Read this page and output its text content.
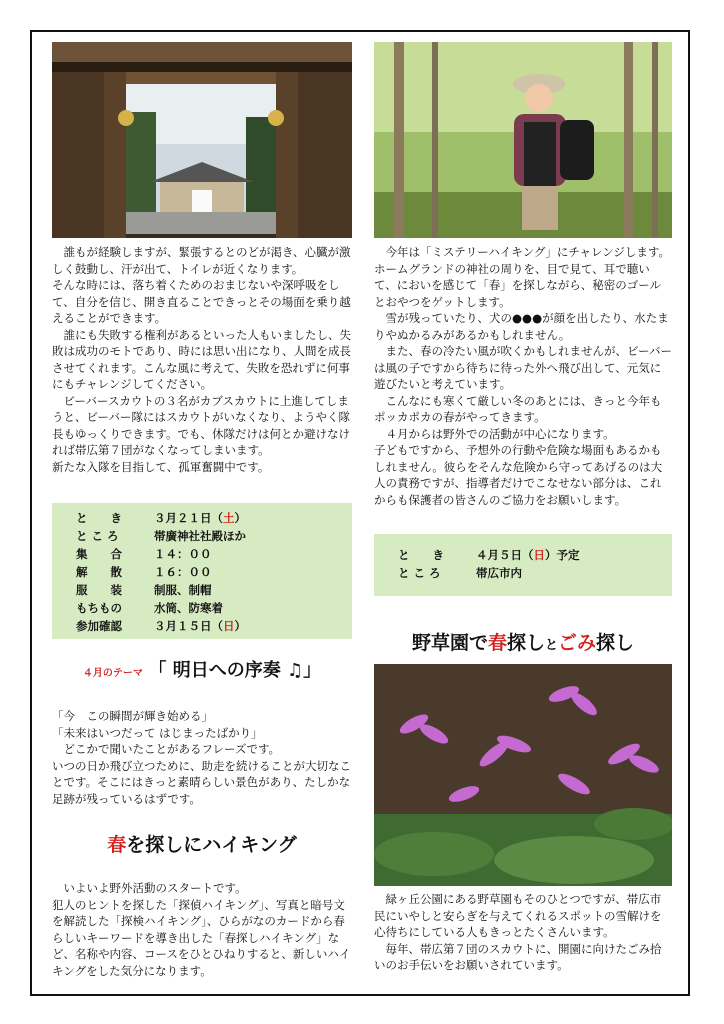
　誰もが経験しますが、緊張するとのどが渇き、心臓が激しく鼓動し、汗が出て、トイレが近くなります。
そんな時には、落ち着くためのおまじないや深呼吸をして、自分を信じ、開き直ることできっとその場面を乗り越えることができます。

　誰にも失敗する権利があるといった人もいましたし、失敗は成功のモトであり、時には思い出になり、人間を成長させてくれます。こんな風に考えて、失敗を恐れずに何事にもチャレンジしてください。

　ビーバースカウトの３名がカブスカウトに上進してしまうと、ビーバー隊にはスカウトがいなくなり、ようやく隊長もゆっくりできます。でも、休隊だけは何とか避けなければ帯広第７団がなくなってしまいます。
新たな入隊を目指して、孤軍奮闘中です。

と　　き	３月２１日（土）
と こ ろ	帯廣神社社殿ほか
集　　合	１４：００
解　　散	１６：００
服　　装	制服、制帽
もちもの	水筒、防寒着
参加確認	３月１５日（日）
４月のテーマ 「 明日への序奏 ♫」

「今　この瞬間が輝き始める」
「未来はいつだって はじまったばかり」
　どこかで聞いたことがあるフレーズです。
いつの日か飛び立つために、助走を続けることが大切なことです。そこにはきっと素晴らしい景色があり、たしかな足跡が残っているはずです。

春を探しにハイキング

　いよいよ野外活動のスタートです。
犯人のヒントを探した「探偵ハイキング」、写真と暗号文を解読した「探検ハイキング」、ひらがなのカードから春らしいキーワードを導き出した「春探しハイキング」など、名称や内容、コースをひとひねりすると、新しいハイキングをした気分になります。

　今年は「ミステリーハイキング」にチャレンジします。ホームグランドの神社の周りを、目で見て、耳で聴いて、においを感じて「春」を探しながら、秘密のゴールとおやつをゲットします。

　雪が残っていたり、犬の●●●が顔を出したり、水たまりやぬかるみがあるかもしれません。

　また、春の冷たい風が吹くかもしれませんが、ビーバーは風の子ですから待ちに待った外へ飛び出して、元気に遊びたいと考えています。

　こんなにも寒くて厳しい冬のあとには、きっと今年もポッカポカの春がやってきます。

　４月からは野外での活動が中心になります。
子どもですから、予想外の行動や危険な場面もあるかもしれません。彼らをそんな危険から守ってあげるのは大人の責務ですが、指導者だけでこなせない部分は、これからも保護者の皆さんのご協力をお願いします。

と　　き	４月５日（日）予定
と こ ろ	帯広市内
野草園で春探しとごみ探し

　緑ヶ丘公園にある野草園もそのひとつですが、帯広市民にいやしと安らぎを与えてくれるスポットの雪解けを心待ちにしている人もきっとたくさんいます。

　毎年、帯広第７団のスカウトに、開園に向けたごみ拾いのお手伝いをお願いされています。
